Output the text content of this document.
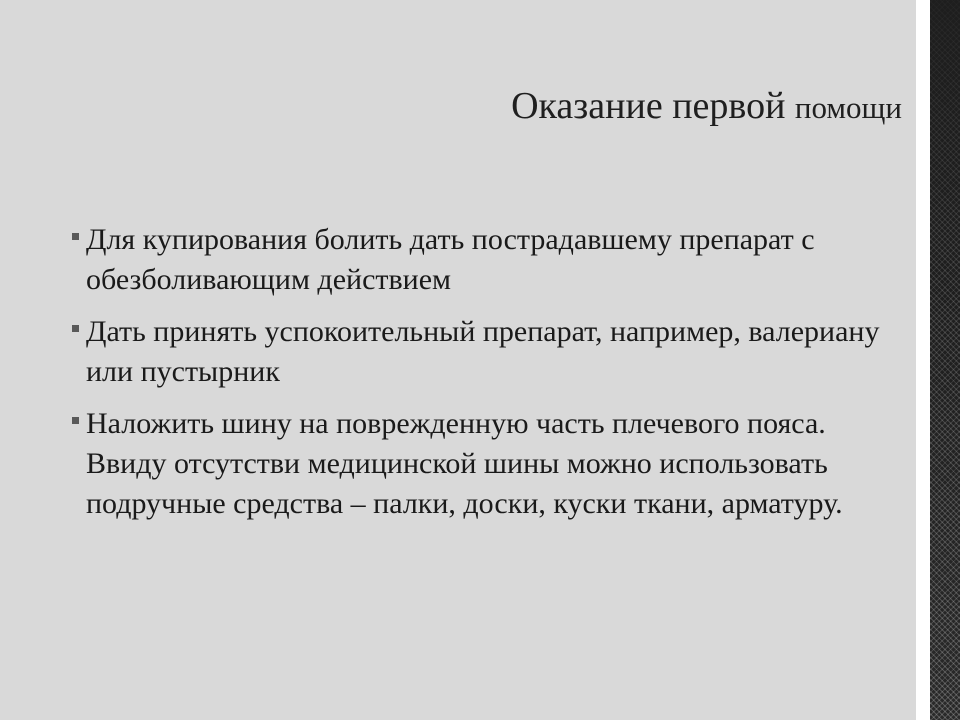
Оказание первой помощи
Для купирования болить дать пострадавшему препарат с обезболивающим действием
Дать принять успокоительный препарат, например, валериану или пустырник
Наложить шину на поврежденную часть плечевого пояса. Ввиду отсутстви медицинской шины можно использовать подручные средства – палки, доски, куски ткани, арматуру.
